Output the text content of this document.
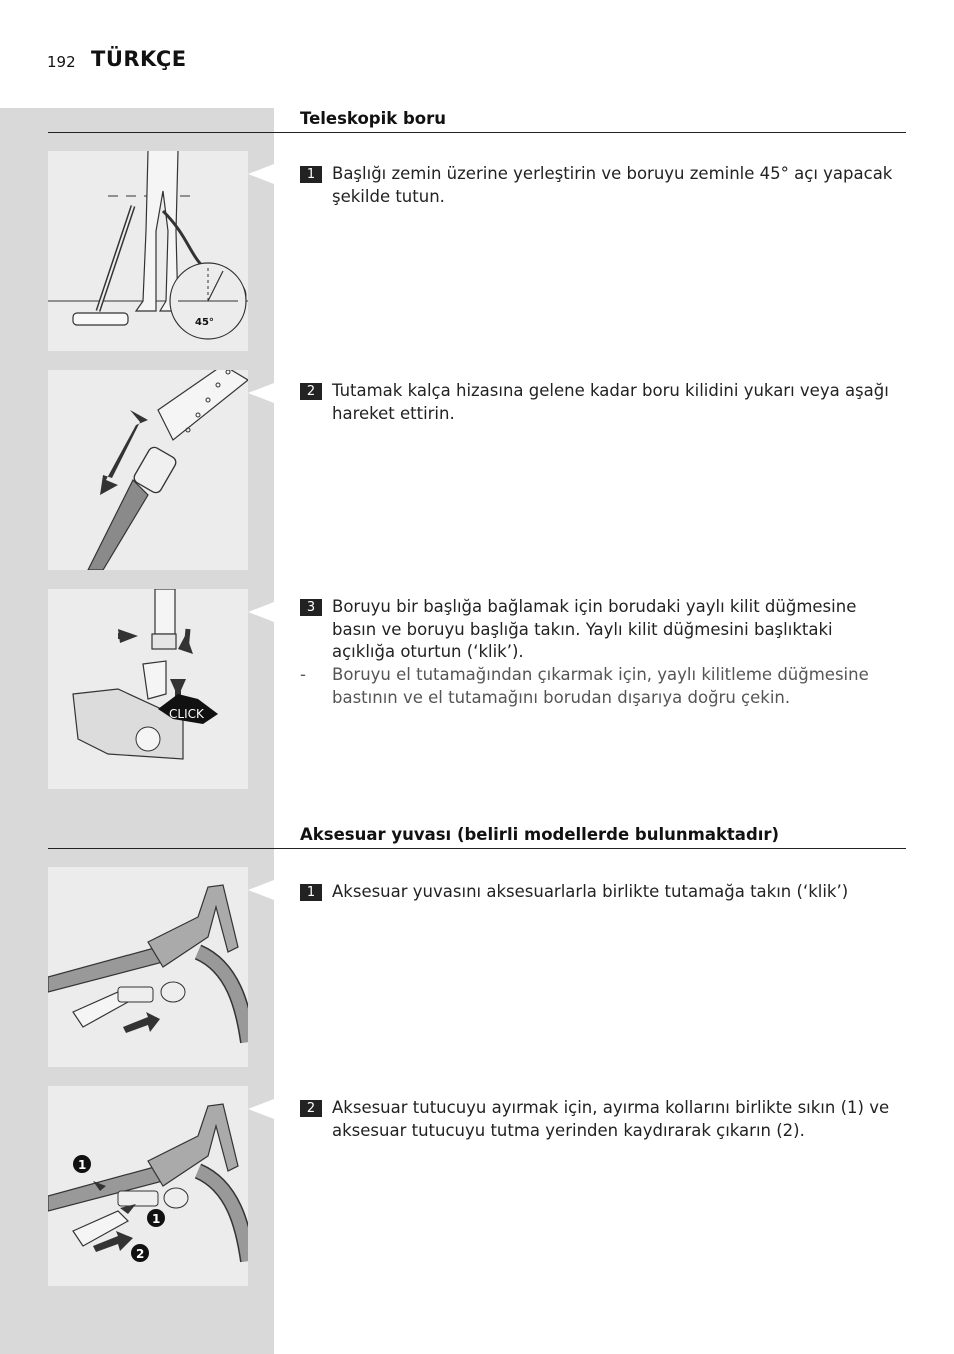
192 TÜRKÇE
Teleskopik boru
45°
1	Başlığı zemin üzerine yerleştirin ve boruyu zeminle 45° açı yapacak şekilde tutun.
2	Tutamak kalça hizasına gelene kadar boru kilidini yukarı veya aşağı hareket ettirin.
CLICK
3	Boruyu bir başlığa bağlamak için borudaki yaylı kilit düğmesine basın ve boruyu başlığa takın. Yaylı kilit düğmesini başlıktaki açıklığa oturtun (‘klik’).
-	Boruyu el tutamağından çıkarmak için, yaylı kilitleme düğmesine bastının ve el tutamağını borudan dışarıya doğru çekin.
Aksesuar yuvası (belirli modellerde bulunmaktadır)
1	Aksesuar yuvasını aksesuarlarla birlikte tutamağa takın (‘klik’)
1
1
2
2	Aksesuar tutucuyu ayırmak için, ayırma kollarını birlikte sıkın (1) ve aksesuar tutucuyu tutma yerinden kaydırarak çıkarın (2).
